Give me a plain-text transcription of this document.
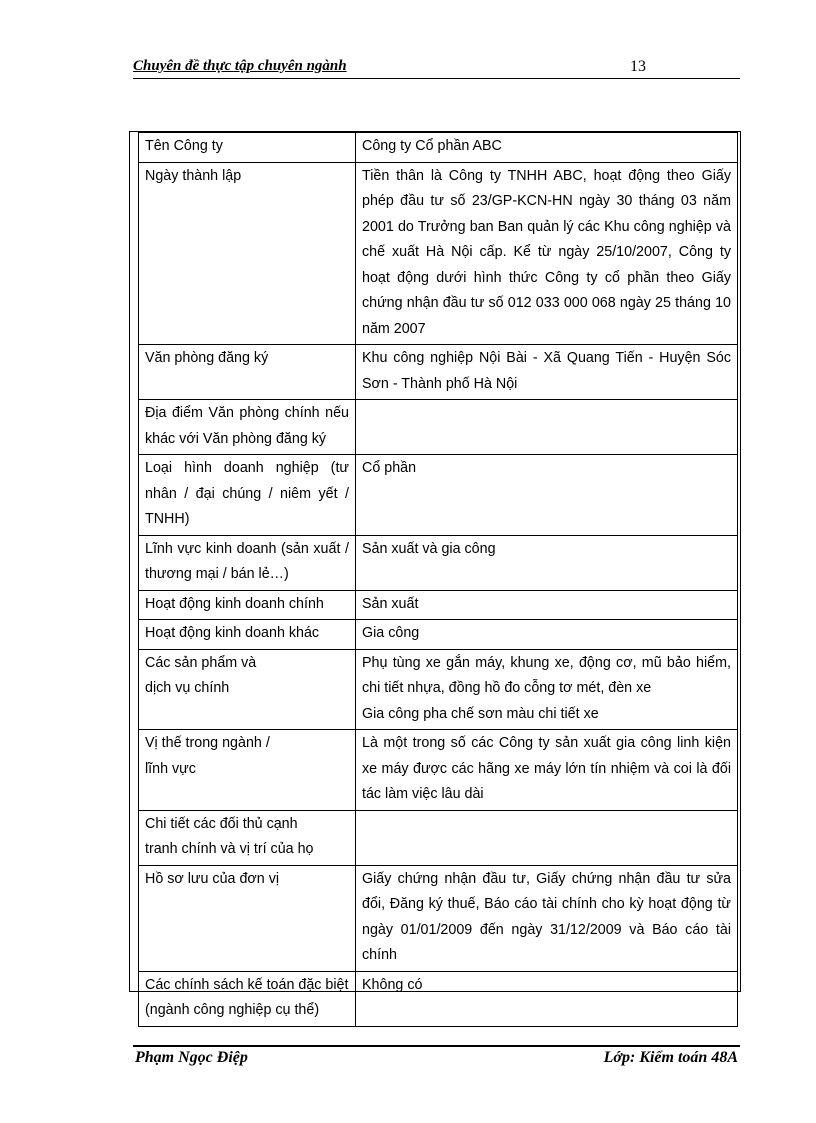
Chuyên đề thực tập chuyên ngành	13
Tên Công ty	Công ty Cổ phần ABC
Ngày thành lập	Tiền thân là Công ty TNHH ABC, hoạt động theo Giấy phép đầu tư số 23/GP-KCN-HN ngày 30 tháng 03 năm 2001 do Trưởng ban Ban quản lý các Khu công nghiệp và chế xuất Hà Nội cấp. Kể từ ngày 25/10/2007, Công ty hoạt động dưới hình thức Công ty cổ phần theo Giấy chứng nhận đầu tư số 012 033 000 068 ngày 25 tháng 10 năm 2007
Văn phòng đăng ký	Khu công nghiệp Nội Bài - Xã Quang Tiến - Huyện Sóc Sơn - Thành phố Hà Nội
Địa điểm Văn phòng chính nếu khác với Văn phòng đăng ký	
Loại hình doanh nghiệp (tư nhân / đại chúng / niêm yết / TNHH)	Cổ phần
Lĩnh vực kinh doanh (sản xuất / thương mại / bán lẻ…)	Sản xuất và gia công
Hoạt động kinh doanh chính	Sản xuất
Hoạt động kinh doanh khác	Gia công
Các sản phẩm và
dịch vụ chính	Phụ tùng xe gắn máy, khung xe, động cơ, mũ bảo hiểm, chi tiết nhựa, đồng hồ đo cỗng tơ mét, đèn xe
Gia công pha chế sơn màu chi tiết xe
Vị thế trong ngành /
lĩnh vực	Là một trong số các Công ty sản xuất gia công linh kiện xe máy được các hãng xe máy lớn tín nhiệm và coi là đối tác làm việc lâu dài
Chi tiết các đối thủ cạnh
tranh chính và vị trí của họ	
Hồ sơ lưu của đơn vị	Giấy chứng nhận đầu tư, Giấy chứng nhận đầu tư sửa đổi, Đăng ký thuế, Báo cáo tài chính cho kỳ hoạt động từ ngày 01/01/2009 đến ngày 31/12/2009 và Báo cáo tài chính
Các chính sách kế toán đặc biệt
(ngành công nghiệp cụ thể)	Không có
Phạm Ngọc Điệp	Lớp: Kiểm toán 48A
